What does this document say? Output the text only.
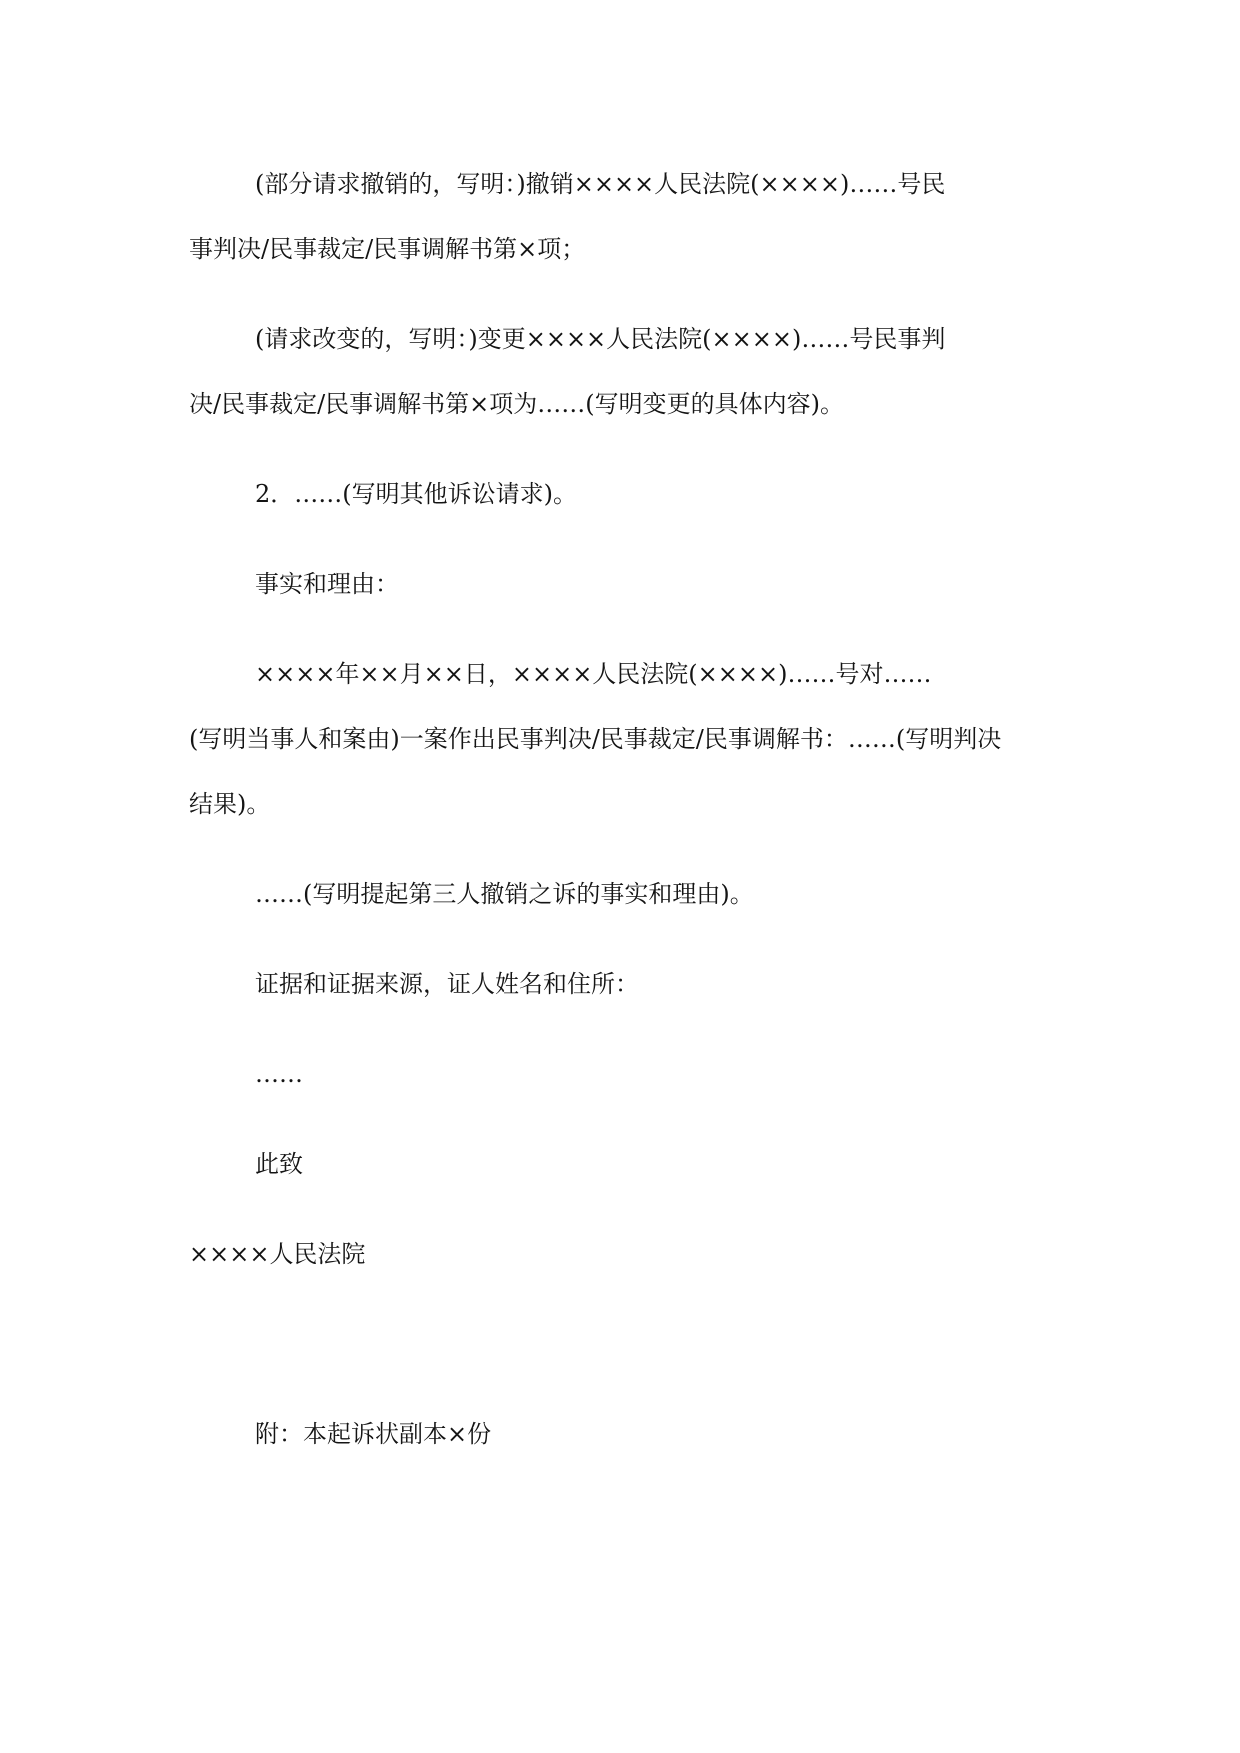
(部分请求撤销的，写明：)撤销××××人民法院(××××)……号民

事判决/民事裁定/民事调解书第×项；

(请求改变的，写明：)变更××××人民法院(××××)……号民事判

决/民事裁定/民事调解书第×项为……(写明变更的具体内容)。

2．……(写明其他诉讼请求)。

事实和理由：

××××年××月××日，××××人民法院(××××)……号对……

(写明当事人和案由)一案作出民事判决/民事裁定/民事调解书：……(写明判决

结果)。

……(写明提起第三人撤销之诉的事实和理由)。

证据和证据来源，证人姓名和住所：

……

此致

××××人民法院

附：本起诉状副本×份
